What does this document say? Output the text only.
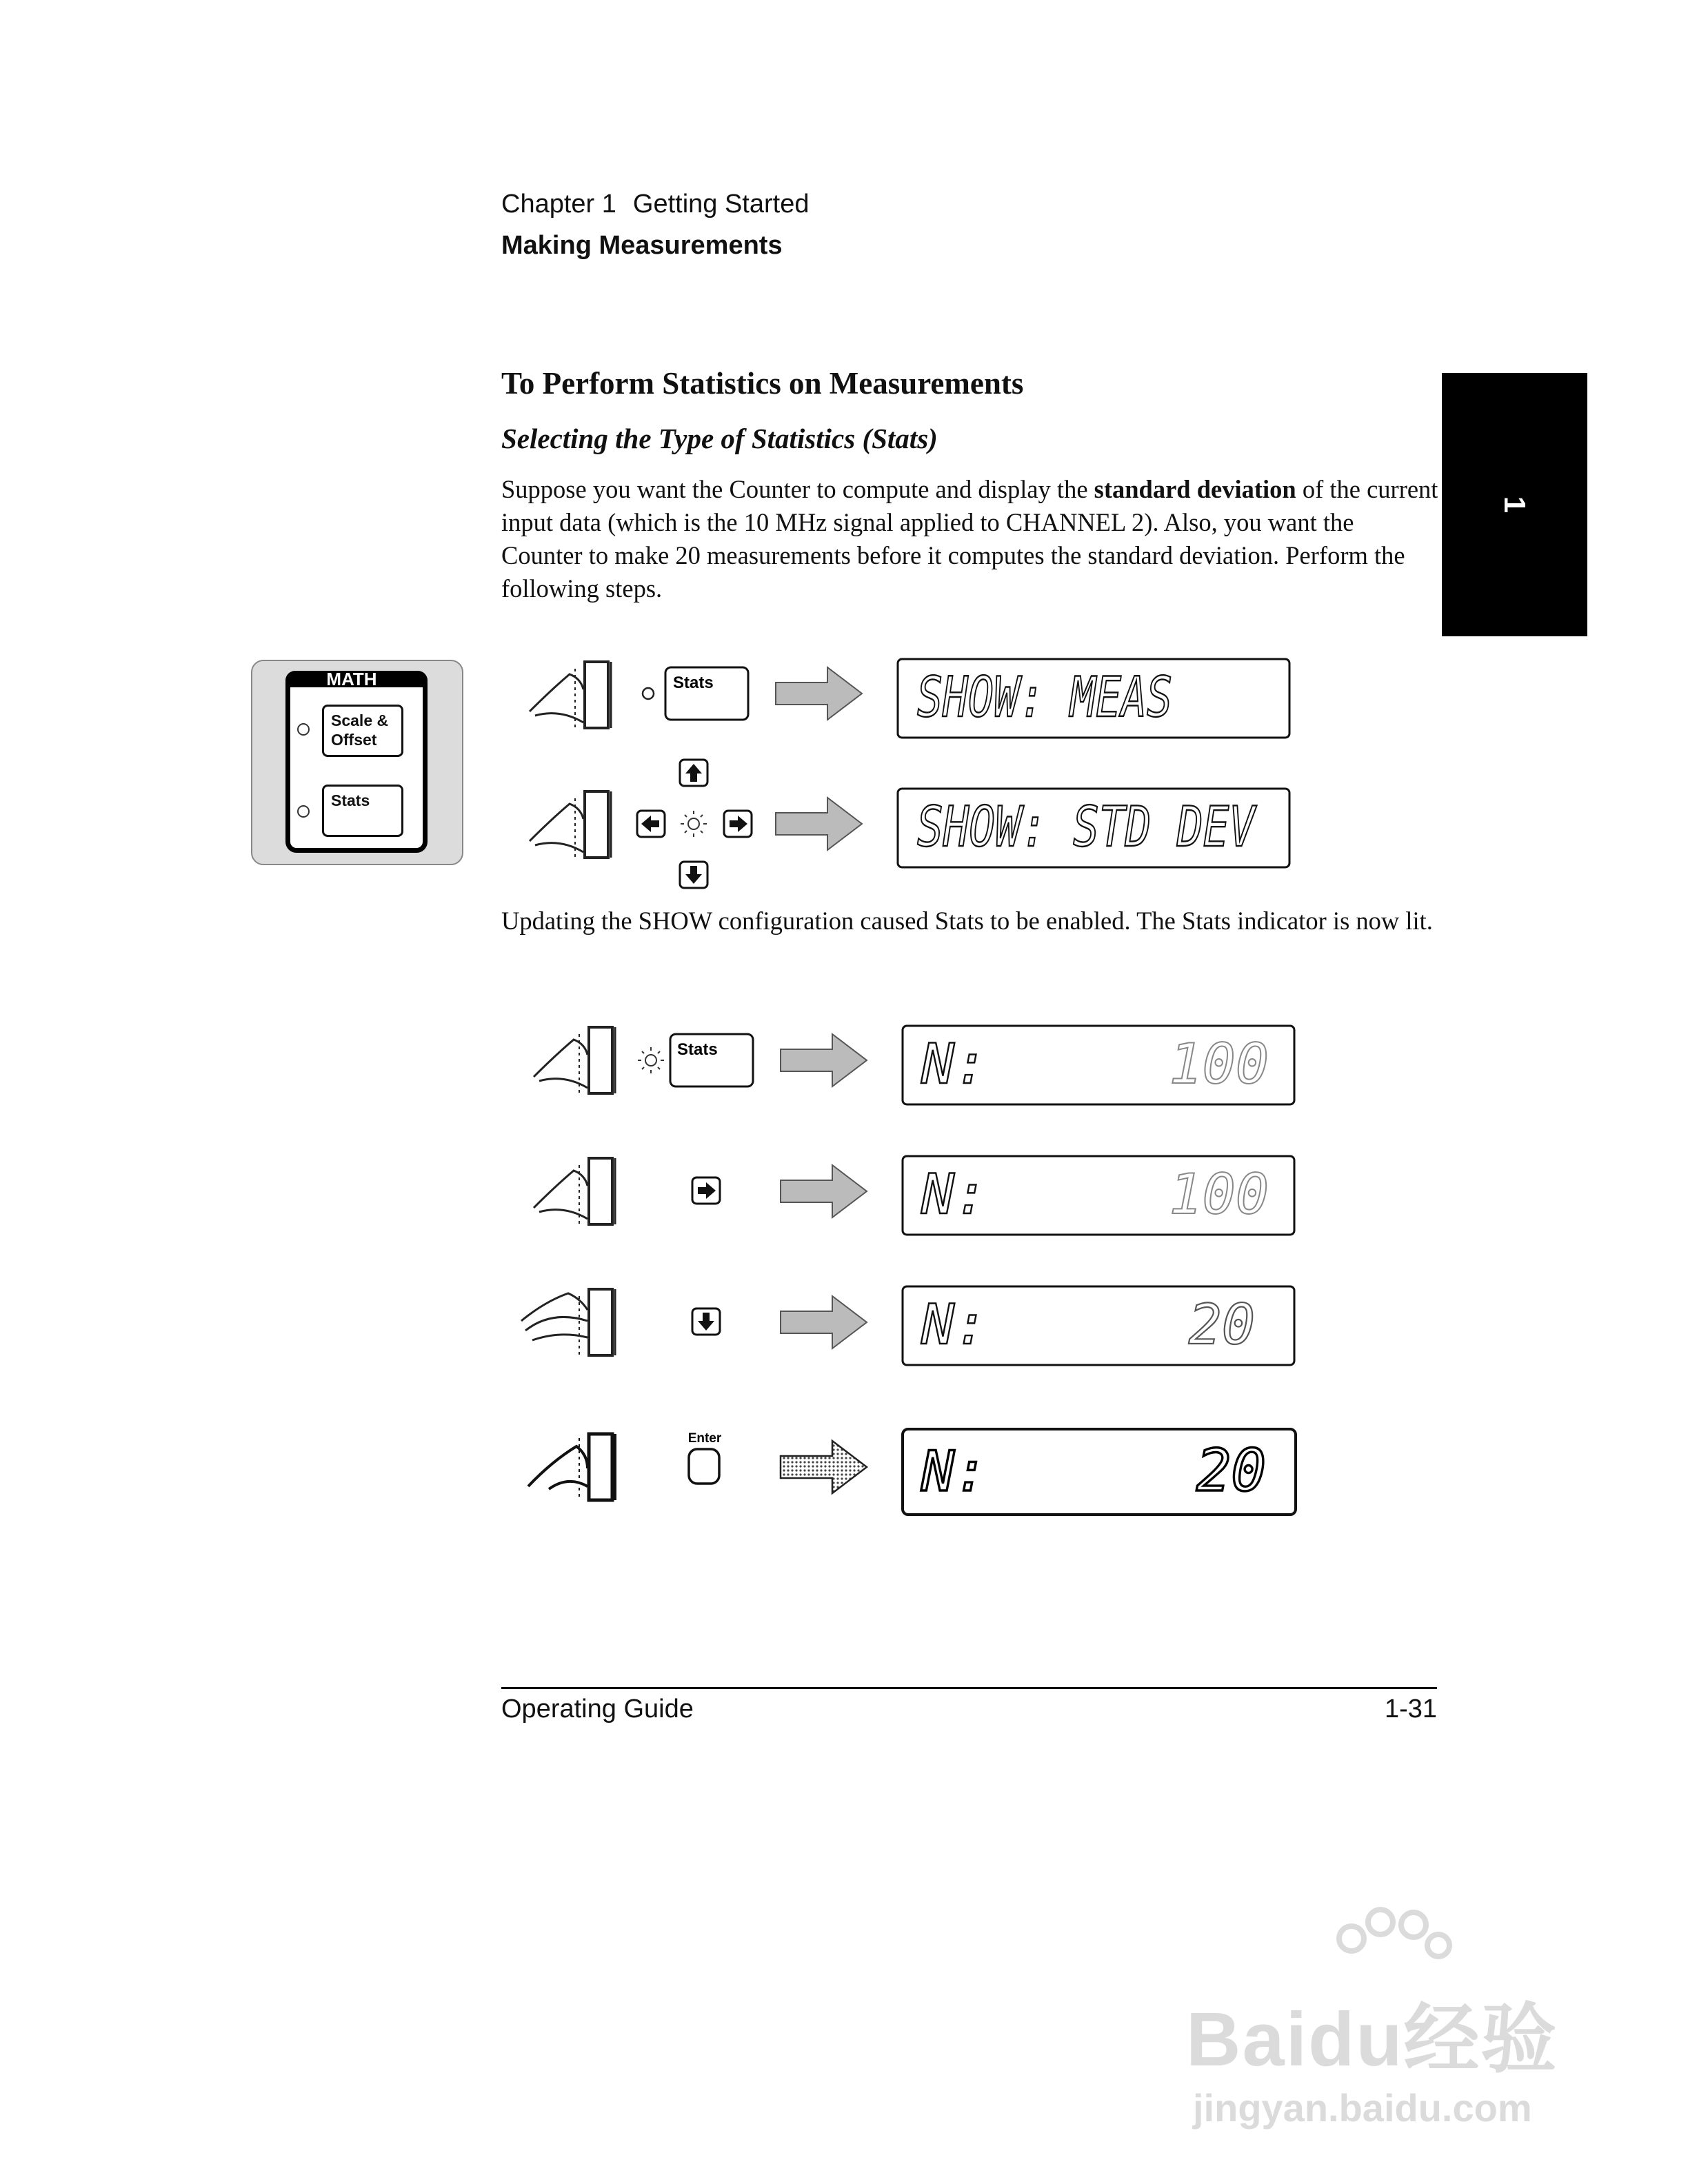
Chapter 1 Getting Started
Making Measurements
1
To Perform Statistics on Measurements
Selecting the Type of Statistics (Stats)
Suppose you want the Counter to compute and display the standard deviation of the current input data (which is the 10 MHz signal applied to CHANNEL 2). Also, you want the Counter to make 20 measurements before it computes the standard deviation. Perform the following steps.
MATH
Scale &
Offset
Stats
Stats	SHOW: MEAS
SHOW: STD DEV
Stats	N:	100
N:	100
N:	20
Enter
N:	20
Updating the SHOW configuration caused Stats to be enabled. The Stats indicator is now lit.
Operating Guide	1-31
Baidu经验
jingyan.baidu.com
